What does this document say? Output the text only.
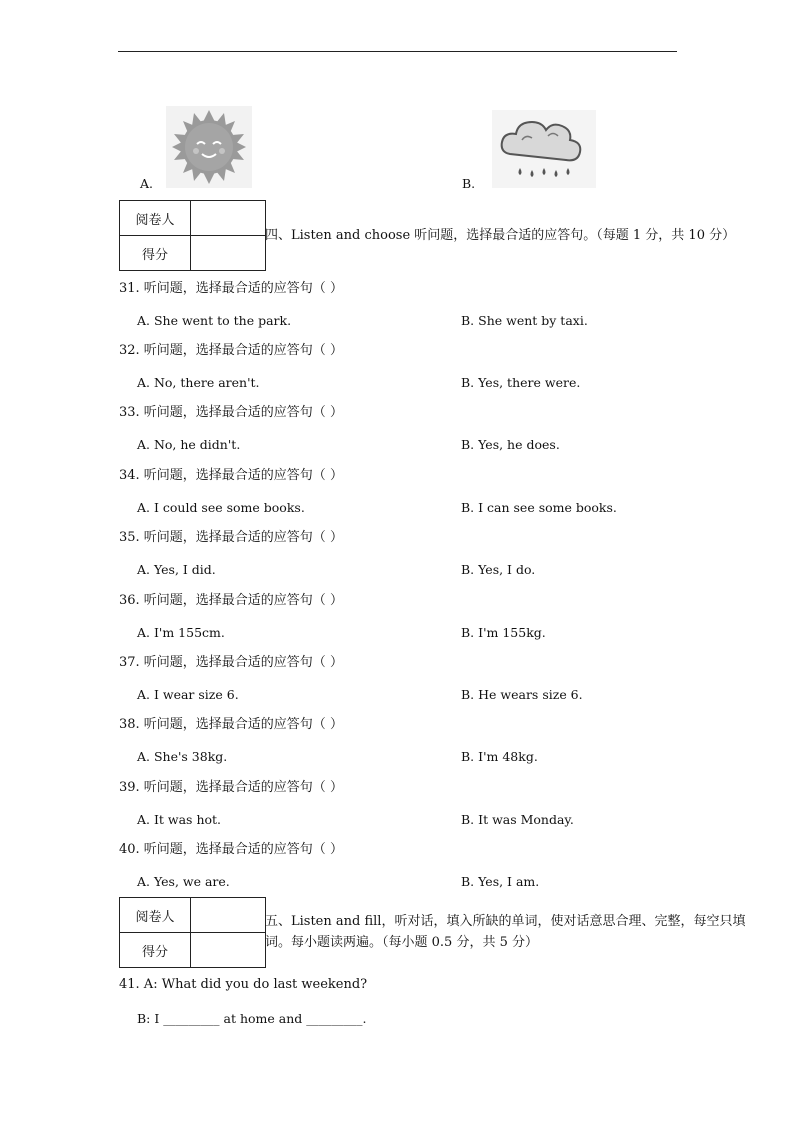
A.	B.
阅卷人	
得分	
四、Listen and choose 听问题，选择最合适的应答句。（每题 1 分，共 10 分）
31. 听问题，选择最合适的应答句（ ）
A. She went to the park.	B. She went by taxi.
32. 听问题，选择最合适的应答句（ ）
A. No, there aren't.	B. Yes, there were.
33. 听问题，选择最合适的应答句（ ）
A. No, he didn't.	B. Yes, he does.
34. 听问题，选择最合适的应答句（ ）
A. I could see some books.	B. I can see some books.
35. 听问题，选择最合适的应答句（ ）
A. Yes, I did.	B. Yes, I do.
36. 听问题，选择最合适的应答句（ ）
A. I'm 155cm.	B. I'm 155kg.
37. 听问题，选择最合适的应答句（ ）
A. I wear size 6.	B. He wears size 6.
38. 听问题，选择最合适的应答句（ ）
A. She's 38kg.	B. I'm 48kg.
39. 听问题，选择最合适的应答句（ ）
A. It was hot.	B. It was Monday.
40. 听问题，选择最合适的应答句（ ）
A. Yes, we are.	B. Yes, I am.
阅卷人	
得分	
五、Listen and fill，听对话，填入所缺的单词，使对话意思合理、完整，每空只填
词。每小题读两遍。（每小题 0.5 分，共 5 分）
41. A: What did you do last weekend?
B: I _________ at home and _________.
